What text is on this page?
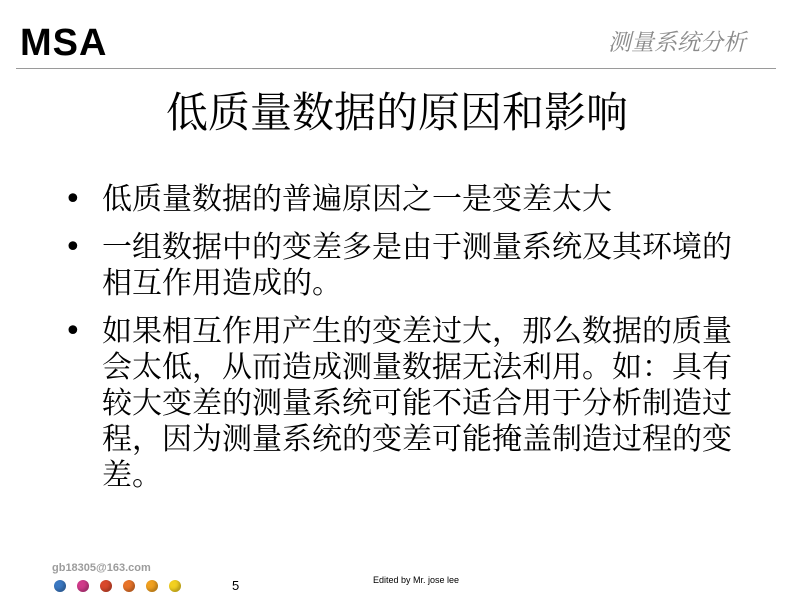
MSA	测量系统分析
低质量数据的原因和影响
• 低质量数据的普遍原因之一是变差太大
• 一组数据中的变差多是由于测量系统及其环境的相互作用造成的。
• 如果相互作用产生的变差过大，那么数据的质量会太低，从而造成测量数据无法利用。如：具有较大变差的测量系统可能不适合用于分析制造过程，因为测量系统的变差可能掩盖制造过程的变差。
gb18305@163.com
5	Edited by Mr. jose lee
